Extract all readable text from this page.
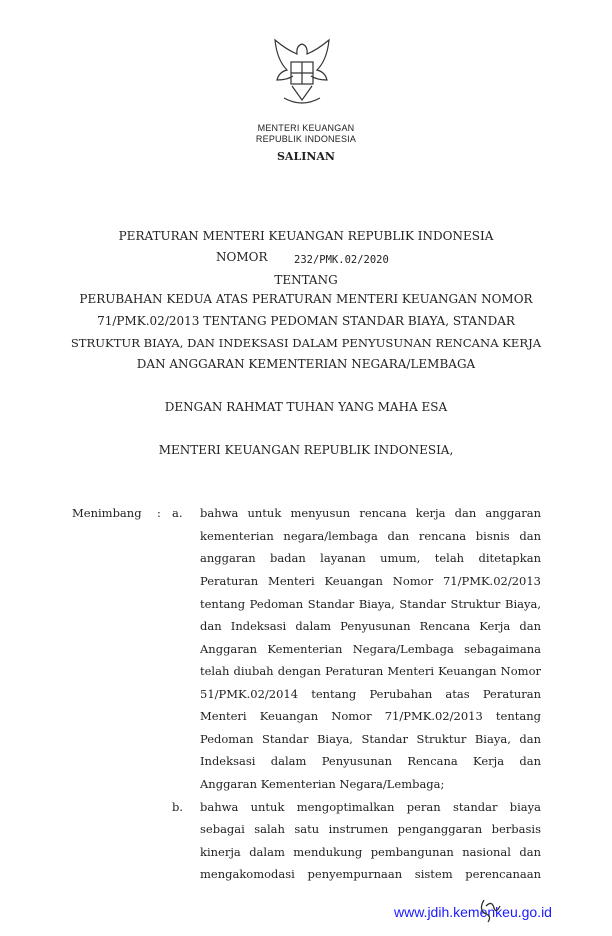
MENTERI KEUANGAN
REPUBLIK INDONESIA
SALINAN
PERATURAN MENTERI KEUANGAN REPUBLIK INDONESIA
NOMOR	232/PMK.02/2020
TENTANG
PERUBAHAN KEDUA ATAS PERATURAN MENTERI KEUANGAN NOMOR
71/PMK.02/2013 TENTANG PEDOMAN STANDAR BIAYA, STANDAR
STRUKTUR BIAYA, DAN INDEKSASI DALAM PENYUSUNAN RENCANA KERJA
DAN ANGGARAN KEMENTERIAN NEGARA/LEMBAGA
DENGAN RAHMAT TUHAN YANG MAHA ESA
MENTERI KEUANGAN REPUBLIK INDONESIA,
Menimbang : a.
b.
bahwa untuk menyusun rencana kerja dan anggaran
kementerian negara/lembaga dan rencana bisnis dan
anggaran badan layanan umum, telah ditetapkan
Peraturan Menteri Keuangan Nomor 71/PMK.02/2013
tentang Pedoman Standar Biaya, Standar Struktur Biaya,
dan Indeksasi dalam Penyusunan Rencana Kerja dan
Anggaran Kementerian Negara/Lembaga sebagaimana
telah diubah dengan Peraturan Menteri Keuangan Nomor
51/PMK.02/2014 tentang Perubahan atas Peraturan
Menteri Keuangan Nomor 71/PMK.02/2013 tentang
Pedoman Standar Biaya, Standar Struktur Biaya, dan
Indeksasi dalam Penyusunan Rencana Kerja dan
Anggaran Kementerian Negara/Lembaga;
bahwa untuk mengoptimalkan peran standar biaya
sebagai salah satu instrumen penganggaran berbasis
kinerja dalam mendukung pembangunan nasional dan
mengakomodasi penyempurnaan sistem perencanaan
www.jdih.kemenkeu.go.id
